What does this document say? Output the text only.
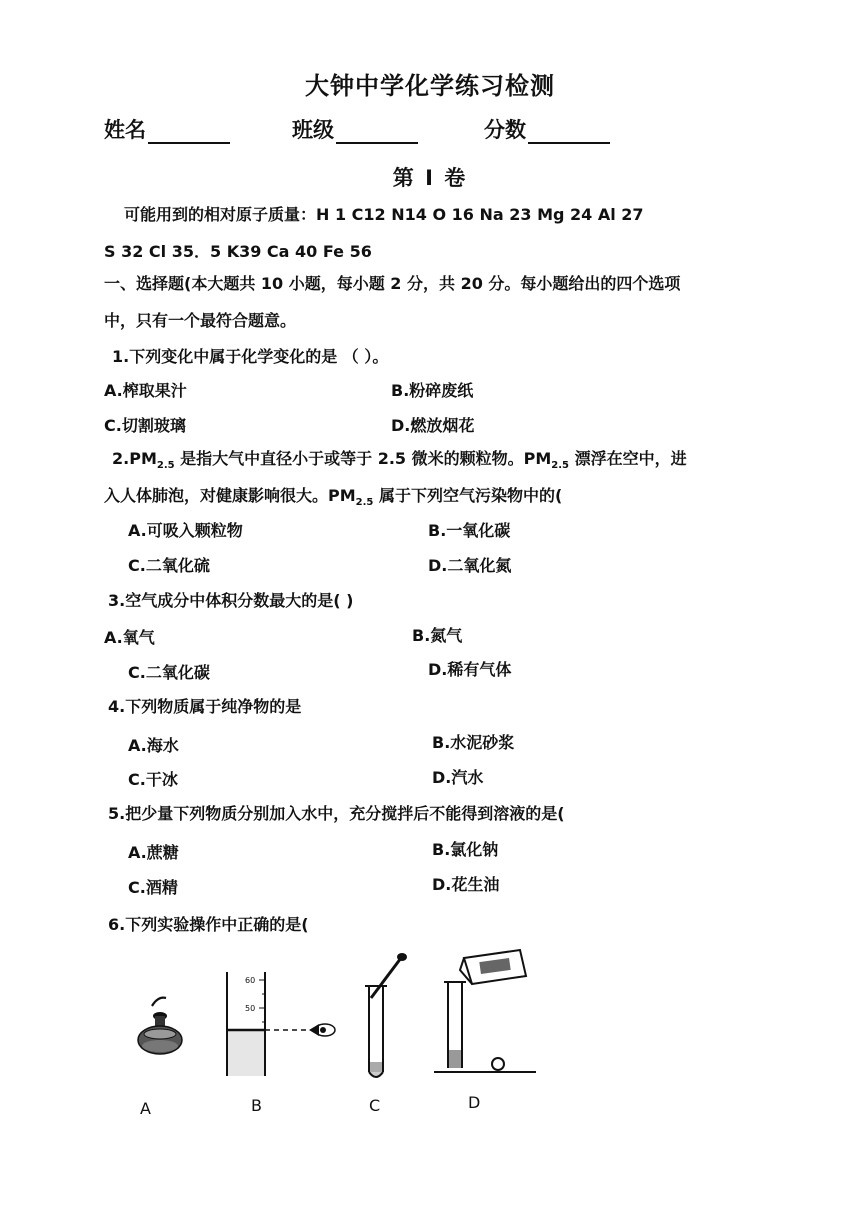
大钟中学化学练习检测
姓名	班级	分数
第 I 卷
可能用到的相对原子质量：H 1 C12 N14 O 16 Na 23 Mg 24 Al 27
S 32 Cl 35．5 K39 Ca 40 Fe 56
一、选择题(本大题共 10 小题，每小题 2 分，共 20 分。每小题给出的四个选项
中，只有一个最符合题意。
1.下列变化中属于化学变化的是 （ ）。
A.榨取果汁	B.粉碎废纸
C.切割玻璃	D.燃放烟花
$2.PM_{2.5}$ 是指大气中直径小于或等于 2.5 微米的颗粒物。$PM_{2.5}$ 漂浮在空中，进
入人体肺泡，对健康影响很大。$PM_{2.5}$ 属于下列空气污染物中的(
A.可吸入颗粒物	B.一氧化碳
C.二氧化硫	D.二氧化氮
3.空气成分中体积分数最大的是( )
A.氧气	B.氮气
C.二氧化碳	D.稀有气体
4.下列物质属于纯净物的是
A.海水	B.水泥砂浆
C.干冰	D.汽水
5.把少量下列物质分别加入水中，充分搅拌后不能得到溶液的是(
A.蔗糖	B.氯化钠
C.酒精	D.花生油
6.下列实验操作中正确的是(
60
50
A	B	C	D
